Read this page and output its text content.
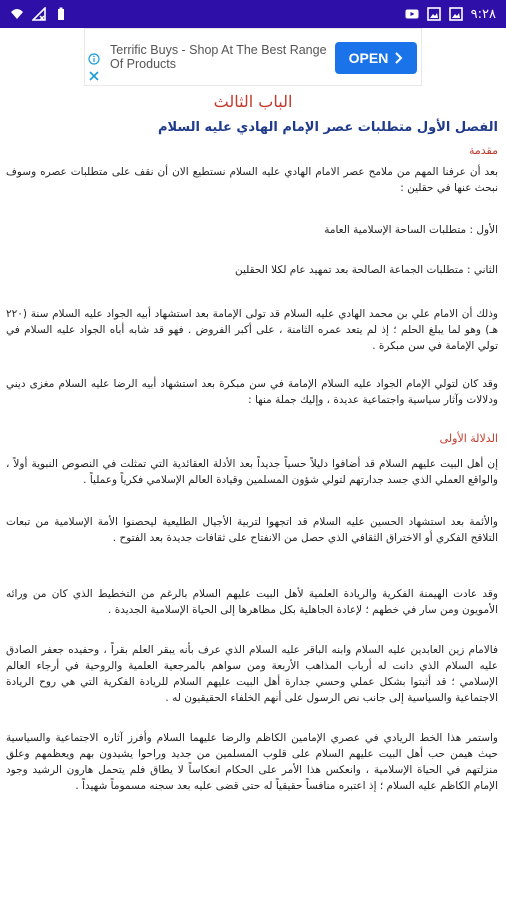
٩:٢٨
Terrific Buys - Shop At The Best Range Of Products	OPEN
الباب الثالث
الفصل الأول متطلبات عصر الإمام الهادي عليه السلام
مقدمة
بعد أن عرفنا المهم من ملامح عصر الامام الهادي عليه السلام نستطيع الان أن نقف على متطلبات عصره وسوف نبحث عنها في حقلين :
الأول : متطلبات الساحة الإسلامية العامة
الثاني : متطلبات الجماعة الصالحة بعد تمهيد عام لكلا الحقلين
وذلك أن الامام علي بن محمد الهادي عليه السلام قد تولى الإمامة بعد استشهاد أبيه الجواد عليه السلام سنة (٢٢٠ هـ) وهو لما يبلغ الحلم ؛ إذ لم يتعد عمره الثامنة ، على أكبر الفروض . فهو قد شابه أباه الجواد عليه السلام في تولي الإمامة في سن مبكرة .
وقد كان لتولي الإمام الجواد عليه السلام الإمامة في سن مبكرة بعد استشهاد أبيه الرضا عليه السلام مغزى ديني ودلالات وآثار سياسية واجتماعية عديدة ، وإليك جملة منها :
الدلالة الأولى
إن أهل البيت عليهم السلام قد أضافوا دليلاً حسياً جديداً بعد الأدلة العقائدية التي تمثلت في النصوص النبوية أولاً ، والواقع العملي الذي جسد جدارتهم لتولي شؤون المسلمين وقيادة العالم الإسلامي فكرياً وعملياً .
والأئمة بعد استشهاد الحسين عليه السلام قد اتجهوا لتربية الأجيال الطليعية ليحصنوا الأمة الإسلامية من تبعات التلاقح الفكري أو الاختراق الثقافي الذي حصل من الانفتاح على ثقافات جديدة بعد الفتوح .
وقد عادت الهيمنة الفكرية والريادة العلمية لأهل البيت عليهم السلام بالرغم من التخطيط الذي كان من ورائه الأمويون ومن سار في خطهم ؛ لإعادة الجاهلية بكل مظاهرها إلى الحياة الإسلامية الجديدة .
فالامام زين العابدين عليه السلام وابنه الباقر عليه السلام الذي عرف بأنه يبقر العلم بقراً ، وحفيده جعفر الصادق عليه السلام الذي دانت له أرباب المذاهب الأربعة ومن سواهم بالمرجعية العلمية والروحية في أرجاء العالم الإسلامي ؛ قد أثبتوا بشكل عملي وحسي جدارة أهل البيت عليهم السلام للريادة الفكرية التي هي روح الريادة الاجتماعية والسياسية إلى جانب نص الرسول على أنهم الخلفاء الحقيقيون له .
واستمر هذا الخط الريادي في عصري الإمامين الكاظم والرضا عليهما السلام وأفرز آثاره الاجتماعية والسياسية حيث هيمن حب أهل البيت عليهم السلام على قلوب المسلمين من جديد وراحوا يشيدون بهم ويعظمهم وعلق منزلتهم في الحياة الإسلامية ، وانعكس هذا الأمر على الحكام انعكاساً لا يطاق فلم يتحمل هارون الرشيد وجود الإمام الكاظم عليه السلام ؛ إذ اعتبره منافساً حقيقياً له حتى قضى عليه بعد سجنه مسموماً شهيداً .
